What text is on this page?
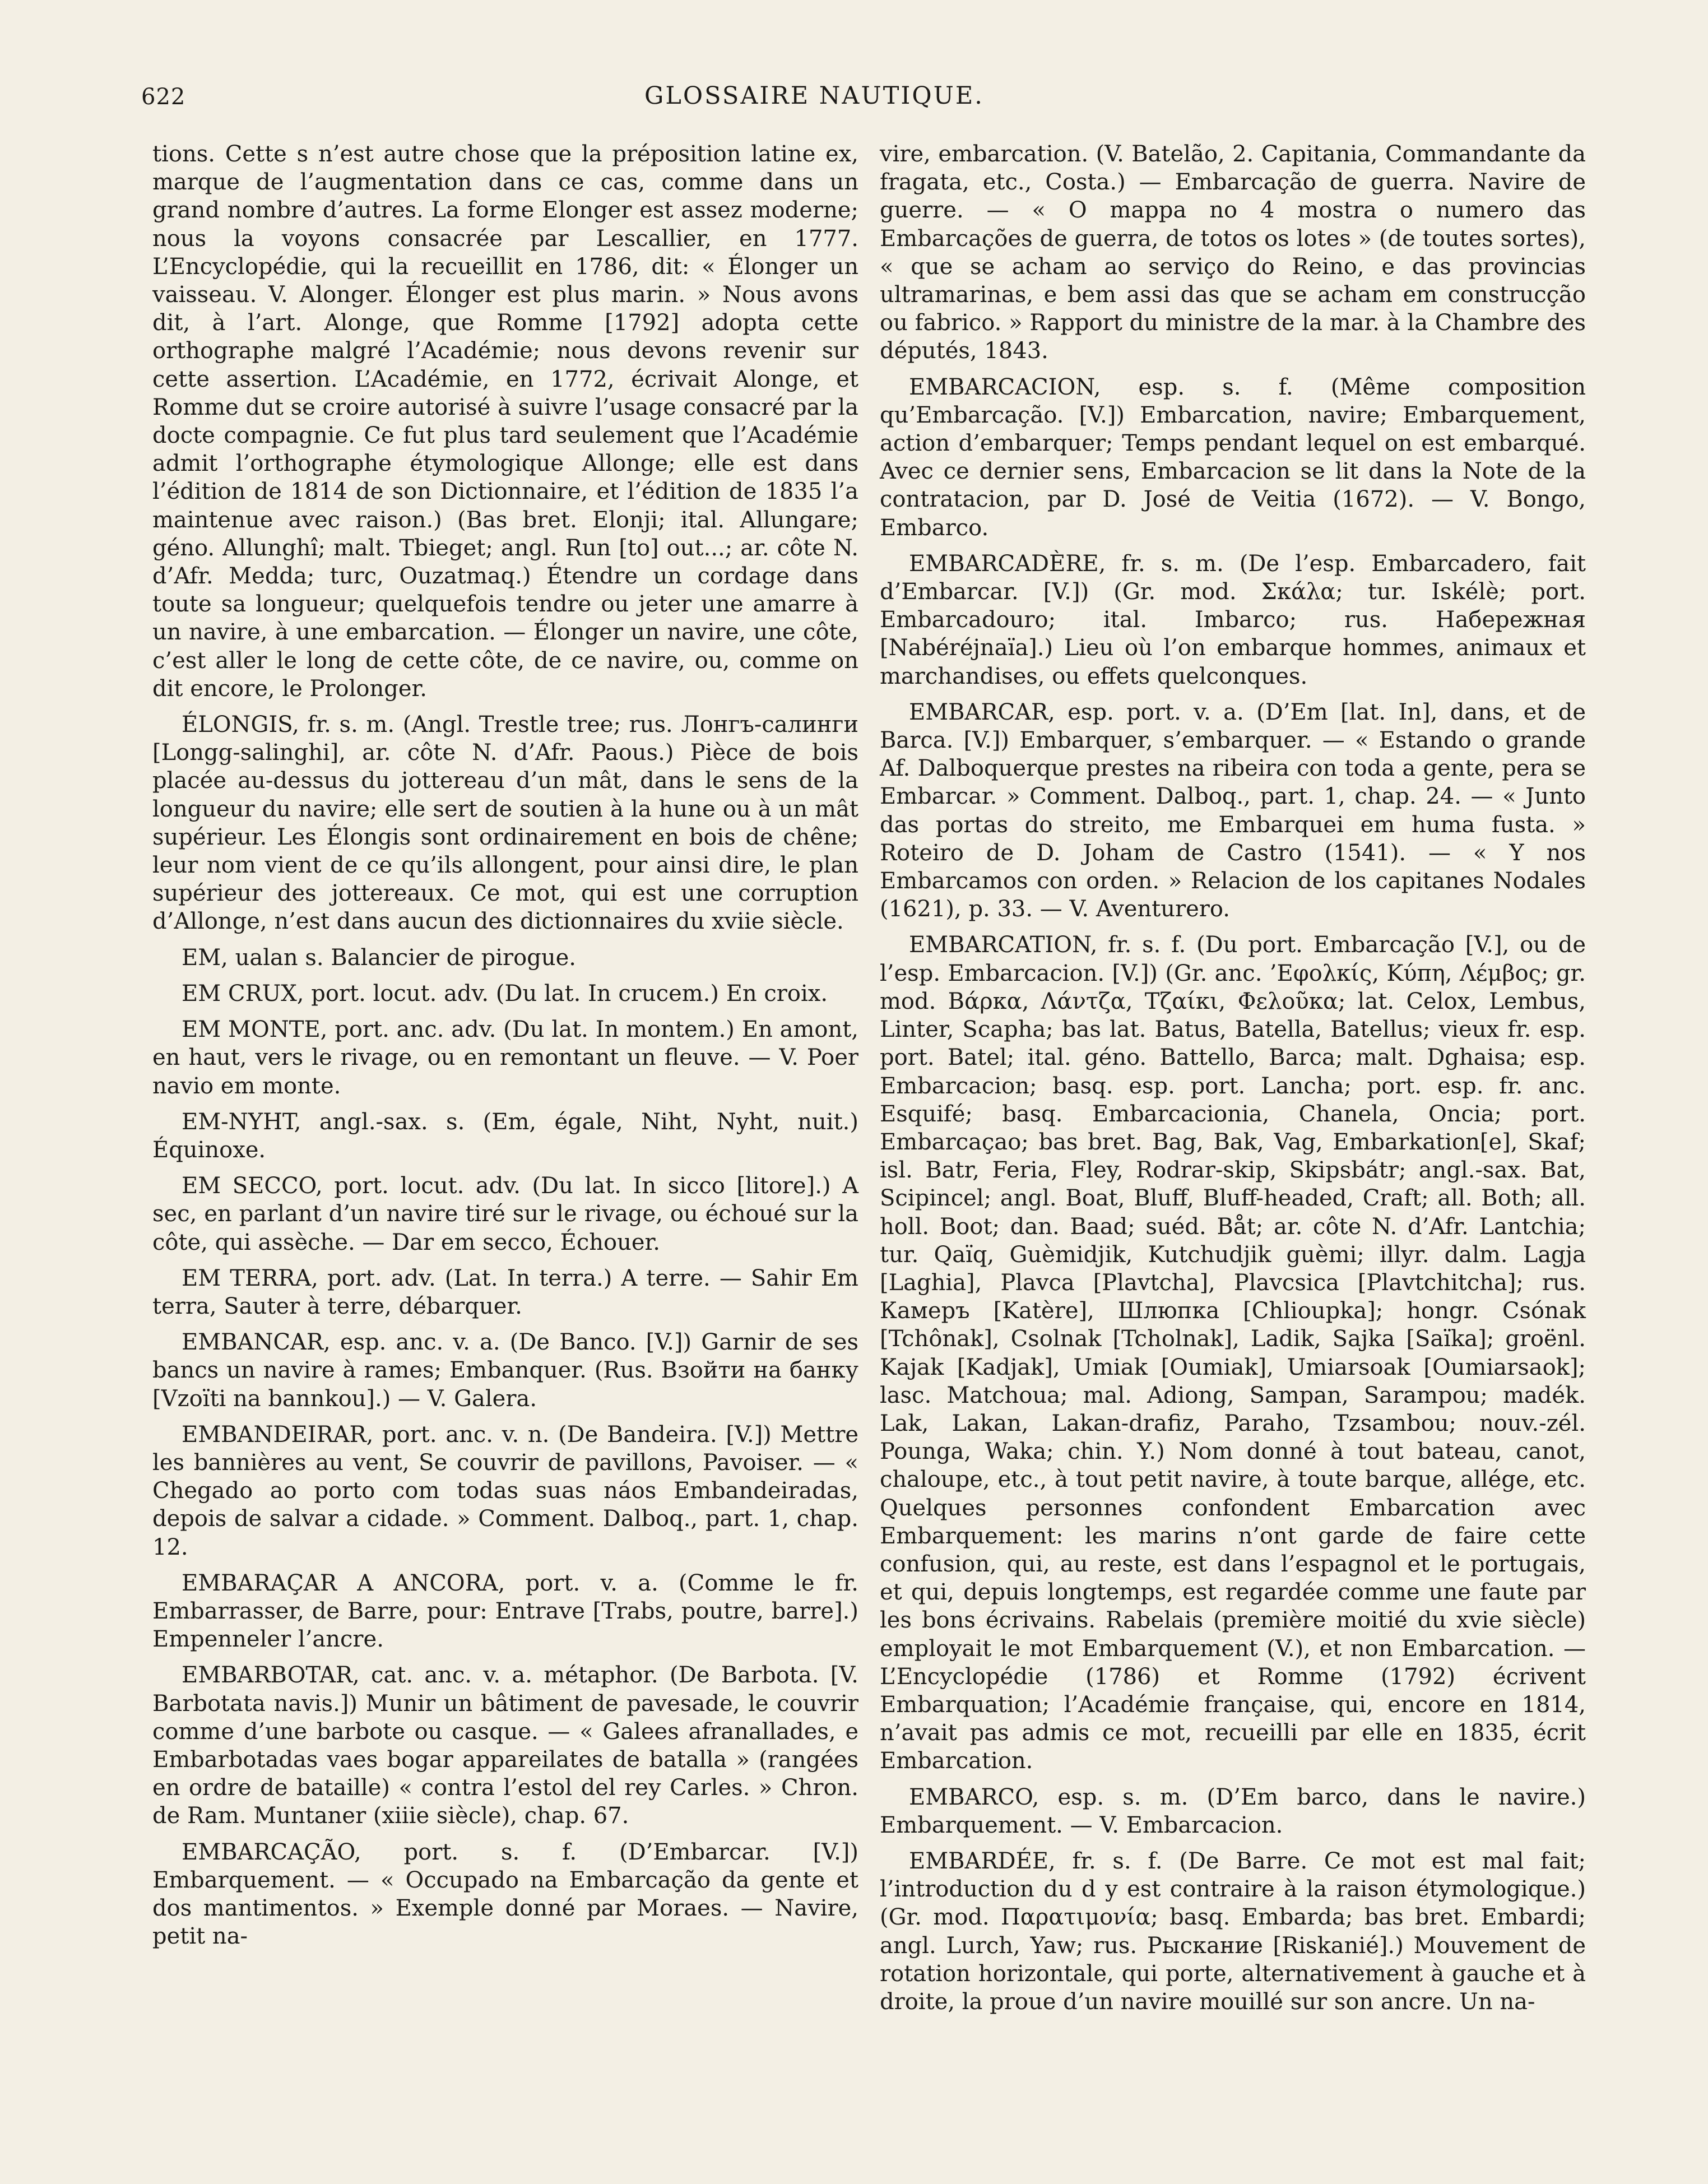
622	GLOSSAIRE NAUTIQUE.

tions. Cette s n’est autre chose que la préposition latine ex, marque de l’augmentation dans ce cas, comme dans un grand nombre d’autres. La forme Elonger est assez moderne; nous la voyons consacrée par Lescallier, en 1777. L’Encyclopédie, qui la recueillit en 1786, dit: « Élonger un vaisseau. V. Alonger. Élonger est plus marin. » Nous avons dit, à l’art. Alonge, que Romme [1792] adopta cette orthographe malgré l’Académie; nous devons revenir sur cette assertion. L’Académie, en 1772, écrivait Alonge, et Romme dut se croire autorisé à suivre l’usage consacré par la docte compagnie. Ce fut plus tard seulement que l’Académie admit l’orthographe étymologique Allonge; elle est dans l’édition de 1814 de son Dictionnaire, et l’édition de 1835 l’a maintenue avec raison.) (Bas bret. Elonji; ital. Allungare; géno. Allunghî; malt. Tbieget; angl. Run [to] out...; ar. côte N. d’Afr. Medda; turc, Ouzatmaq.) Étendre un cordage dans toute sa longueur; quelquefois tendre ou jeter une amarre à un navire, à une embarcation. — Élonger un navire, une côte, c’est aller le long de cette côte, de ce navire, ou, comme on dit encore, le Prolonger.

ÉLONGIS, fr. s. m. (Angl. Trestle tree; rus. Лонгъ-салинги [Longg-salinghi], ar. côte N. d’Afr. Paous.) Pièce de bois placée au-dessus du jottereau d’un mât, dans le sens de la longueur du navire; elle sert de soutien à la hune ou à un mât supérieur. Les Élongis sont ordinairement en bois de chêne; leur nom vient de ce qu’ils allongent, pour ainsi dire, le plan supérieur des jottereaux. Ce mot, qui est une corruption d’Allonge, n’est dans aucun des dictionnaires du xviie siècle.

EM, ualan s. Balancier de pirogue.

EM CRUX, port. locut. adv. (Du lat. In crucem.) En croix.

EM MONTE, port. anc. adv. (Du lat. In montem.) En amont, en haut, vers le rivage, ou en remontant un fleuve. — V. Poer navio em monte.

EM-NYHT, angl.-sax. s. (Em, égale, Niht, Nyht, nuit.) Équinoxe.

EM SECCO, port. locut. adv. (Du lat. In sicco [litore].) A sec, en parlant d’un navire tiré sur le rivage, ou échoué sur la côte, qui assèche. — Dar em secco, Échouer.

EM TERRA, port. adv. (Lat. In terra.) A terre. — Sahir Em terra, Sauter à terre, débarquer.

EMBANCAR, esp. anc. v. a. (De Banco. [V.]) Garnir de ses bancs un navire à rames; Embanquer. (Rus. Взойти на банку [Vzoïti na bannkou].) — V. Galera.

EMBANDEIRAR, port. anc. v. n. (De Bandeira. [V.]) Mettre les bannières au vent, Se couvrir de pavillons, Pavoiser. — « Chegado ao porto com todas suas náos Embandeiradas, depois de salvar a cidade. » Comment. Dalboq., part. 1, chap. 12.

EMBARAÇAR A ANCORA, port. v. a. (Comme le fr. Embarrasser, de Barre, pour: Entrave [Trabs, poutre, barre].) Empenneler l’ancre.

EMBARBOTAR, cat. anc. v. a. métaphor. (De Barbota. [V. Barbotata navis.]) Munir un bâtiment de pavesade, le couvrir comme d’une barbote ou casque. — « Galees afranallades, e Embarbotadas vaes bogar appareilates de batalla » (rangées en ordre de bataille) « contra l’estol del rey Carles. » Chron. de Ram. Muntaner (xiiie siècle), chap. 67.

EMBARCAÇÃO, port. s. f. (D’Embarcar. [V.]) Embarquement. — « Occupado na Embarcação da gente et dos mantimentos. » Exemple donné par Moraes. — Navire, petit na-

vire, embarcation. (V. Batelão, 2. Capitania, Commandante da fragata, etc., Costa.) — Embarcação de guerra. Navire de guerre. — « O mappa no 4 mostra o numero das Embarcações de guerra, de totos os lotes » (de toutes sortes), « que se acham ao serviço do Reino, e das provincias ultramarinas, e bem assi das que se acham em construcção ou fabrico. » Rapport du ministre de la mar. à la Chambre des députés, 1843.

EMBARCACION, esp. s. f. (Même composition qu’Embarcação. [V.]) Embarcation, navire; Embarquement, action d’embarquer; Temps pendant lequel on est embarqué. Avec ce dernier sens, Embarcacion se lit dans la Note de la contratacion, par D. José de Veitia (1672). — V. Bongo, Embarco.

EMBARCADÈRE, fr. s. m. (De l’esp. Embarcadero, fait d’Embarcar. [V.]) (Gr. mod. Σκάλα; tur. Iskélè; port. Embarcadouro; ital. Imbarco; rus. Набережная [Nabéréjnaïa].) Lieu où l’on embarque hommes, animaux et marchandises, ou effets quelconques.

EMBARCAR, esp. port. v. a. (D’Em [lat. In], dans, et de Barca. [V.]) Embarquer, s’embarquer. — « Estando o grande Af. Dalboquerque prestes na ribeira con toda a gente, pera se Embarcar. » Comment. Dalboq., part. 1, chap. 24. — « Junto das portas do streito, me Embarquei em huma fusta. » Roteiro de D. Joham de Castro (1541). — « Y nos Embarcamos con orden. » Relacion de los capitanes Nodales (1621), p. 33. — V. Aventurero.

EMBARCATION, fr. s. f. (Du port. Embarcação [V.], ou de l’esp. Embarcacion. [V.]) (Gr. anc. ’Εφολκίς, Κύπη, Λέμβος; gr. mod. Βάρκα, Λάντζα, Τζαίκι, Φελοῦκα; lat. Celox, Lembus, Linter, Scapha; bas lat. Batus, Batella, Batellus; vieux fr. esp. port. Batel; ital. géno. Battello, Barca; malt. Dghaisa; esp. Embarcacion; basq. esp. port. Lancha; port. esp. fr. anc. Esquifé; basq. Embarcacionia, Chanela, Oncia; port. Embarcaçao; bas bret. Bag, Bak, Vag, Embarkation[e], Skaf; isl. Batr, Feria, Fley, Rodrar-skip, Skipsbátr; angl.-sax. Bat, Scipincel; angl. Boat, Bluff, Bluff-headed, Craft; all. Both; all. holl. Boot; dan. Baad; suéd. Båt; ar. côte N. d’Afr. Lantchia; tur. Qaïq, Guèmidjik, Kutchudjik guèmi; illyr. dalm. Lagja [Laghia], Plavca [Plavtcha], Plavcsica [Plavtchitcha]; rus. Камеръ [Katère], Шлюпка [Chlioupka]; hongr. Csónak [Tchônak], Csolnak [Tcholnak], Ladik, Sajka [Saïka]; groënl. Kajak [Kadjak], Umiak [Oumiak], Umiarsoak [Oumiarsaok]; lasc. Matchoua; mal. Adiong, Sampan, Sarampou; madék. Lak, Lakan, Lakan-drafiz, Paraho, Tzsambou; nouv.-zél. Pounga, Waka; chin. Y.) Nom donné à tout bateau, canot, chaloupe, etc., à tout petit navire, à toute barque, allége, etc. Quelques personnes confondent Embarcation avec Embarquement: les marins n’ont garde de faire cette confusion, qui, au reste, est dans l’espagnol et le portugais, et qui, depuis longtemps, est regardée comme une faute par les bons écrivains. Rabelais (première moitié du xvie siècle) employait le mot Embarquement (V.), et non Embarcation. — L’Encyclopédie (1786) et Romme (1792) écrivent Embarquation; l’Académie française, qui, encore en 1814, n’avait pas admis ce mot, recueilli par elle en 1835, écrit Embarcation.

EMBARCO, esp. s. m. (D’Em barco, dans le navire.) Embarquement. — V. Embarcacion.

EMBARDÉE, fr. s. f. (De Barre. Ce mot est mal fait; l’introduction du d y est contraire à la raison étymologique.) (Gr. mod. Παρατιμονία; basq. Embarda; bas bret. Embardi; angl. Lurch, Yaw; rus. Рыскание [Riskanié].) Mouvement de rotation horizontale, qui porte, alternativement à gauche et à droite, la proue d’un navire mouillé sur son ancre. Un na-
